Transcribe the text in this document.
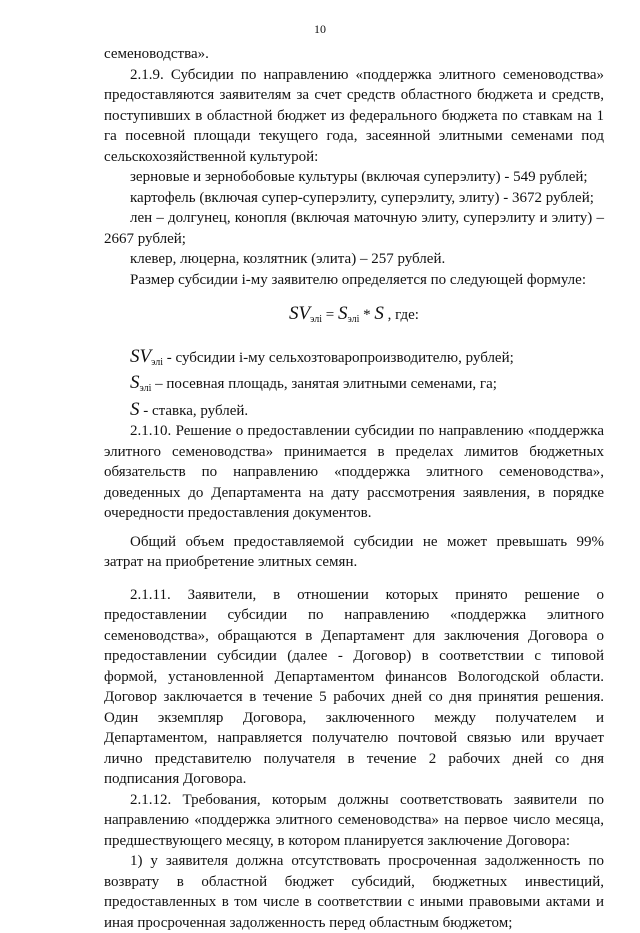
10

семеноводства».

2.1.9. Субсидии по направлению «поддержка элитного семеноводства» предоставляются заявителям за счет средств областного бюджета и средств, поступивших в областной бюджет из федерального бюджета по ставкам на 1 га посевной площади текущего года, засеянной элитными семенами под сельскохозяйственной культурой:

зерновые и зернобобовые культуры (включая суперэлиту) - 549 рублей;

картофель (включая супер-суперэлиту, суперэлиту, элиту) - 3672 рублей;

лен – долгунец, конопля (включая маточную элиту, суперэлиту и элиту) – 2667 рублей;

клевер, люцерна, козлятник (элита) – 257 рублей.

Размер субсидии i-му заявителю определяется по следующей формуле:

$SV_{элi} = S_{элi} * S$ , где:

$SV_{элi}$ - субсидии i-му сельхозтоваропроизводителю, рублей;

$S_{элi}$ – посевная площадь, занятая элитными семенами, га;

S - ставка, рублей.

2.1.10. Решение о предоставлении субсидии по направлению «поддержка элитного семеноводства» принимается в пределах лимитов бюджетных обязательств по направлению «поддержка элитного семеноводства», доведенных до Департамента на дату рассмотрения заявления, в порядке очередности предоставления документов.

Общий объем предоставляемой субсидии не может превышать 99% затрат на приобретение элитных семян.

2.1.11. Заявители, в отношении которых принято решение о предоставлении субсидии по направлению «поддержка элитного семеноводства», обращаются в Департамент для заключения Договора о предоставлении субсидии (далее - Договор) в соответствии с типовой формой, установленной Департаментом финансов Вологодской области. Договор заключается в течение 5 рабочих дней со дня принятия решения. Один экземпляр Договора, заключенного между получателем и Департаментом, направляется получателю почтовой связью или вручает лично представителю получателя в течение 2 рабочих дней со дня подписания Договора.

2.1.12. Требования, которым должны соответствовать заявители по направлению «поддержка элитного семеноводства» на первое число месяца, предшествующего месяцу, в котором планируется заключение Договора:

1) у заявителя должна отсутствовать просроченная задолженность по возврату в областной бюджет субсидий, бюджетных инвестиций, предоставленных в том числе в соответствии с иными правовыми актами и иная просроченная задолженность перед областным бюджетом;
